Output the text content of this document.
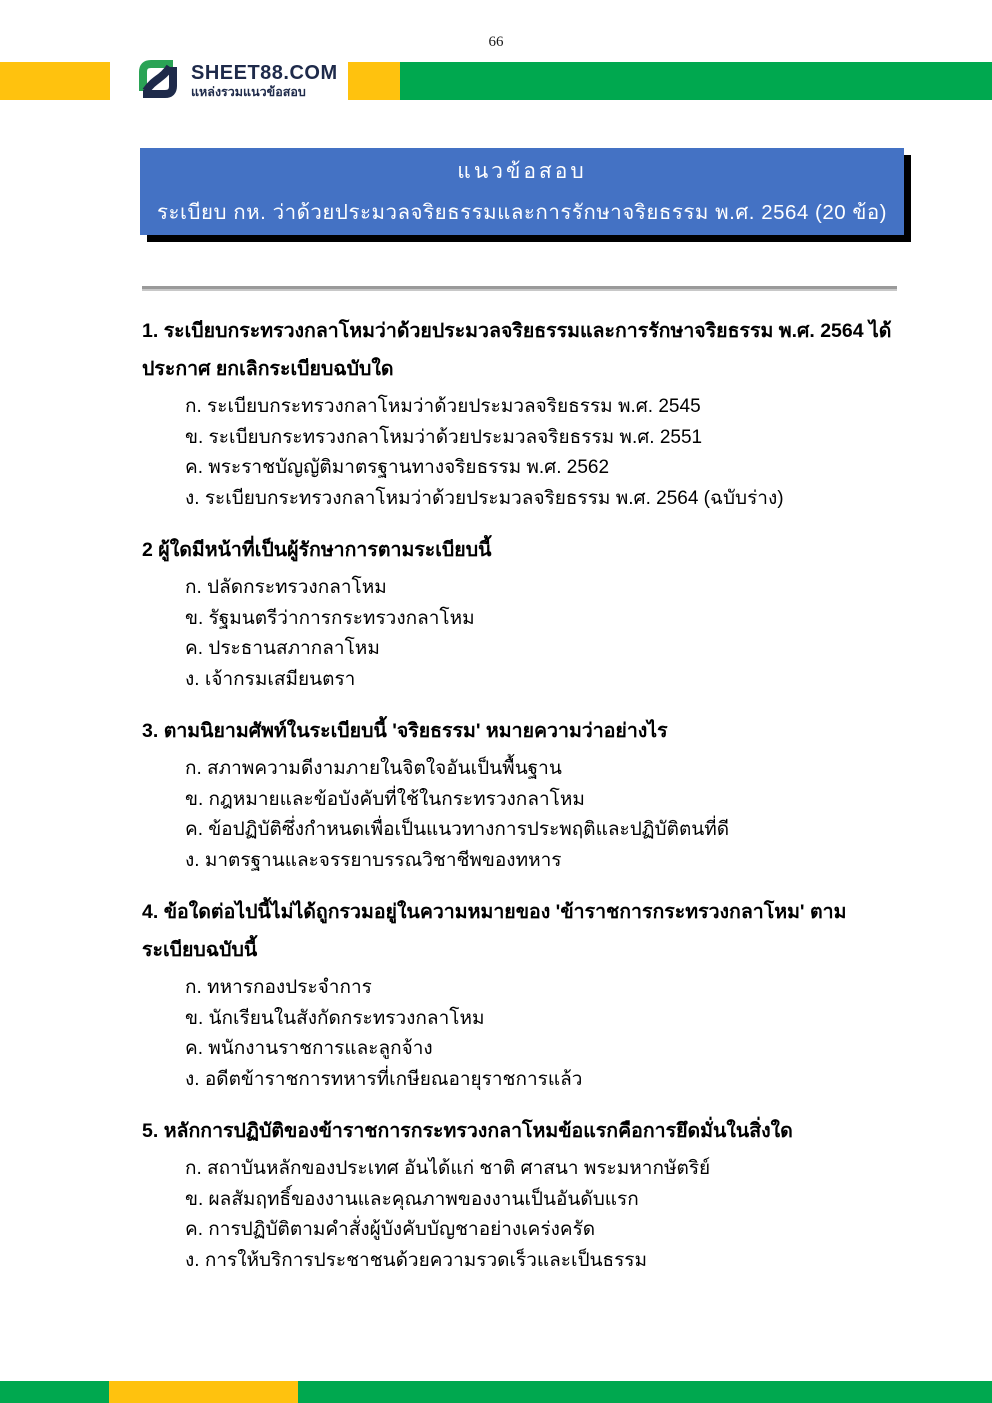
66
SHEET88.COM
แหล่งรวมแนวข้อสอบ
แนวข้อสอบ
ระเบียบ กห. ว่าด้วยประมวลจริยธรรมและการรักษาจริยธรรม พ.ศ. 2564 (20 ข้อ)
1. ระเบียบกระทรวงกลาโหมว่าด้วยประมวลจริยธรรมและการรักษาจริยธรรม พ.ศ. 2564 ได้ประกาศ ยกเลิกระเบียบฉบับใด
ก. ระเบียบกระทรวงกลาโหมว่าด้วยประมวลจริยธรรม พ.ศ. 2545
ข. ระเบียบกระทรวงกลาโหมว่าด้วยประมวลจริยธรรม พ.ศ. 2551
ค. พระราชบัญญัติมาตรฐานทางจริยธรรม พ.ศ. 2562
ง. ระเบียบกระทรวงกลาโหมว่าด้วยประมวลจริยธรรม พ.ศ. 2564 (ฉบับร่าง)
2 ผู้ใดมีหน้าที่เป็นผู้รักษาการตามระเบียบนี้
ก. ปลัดกระทรวงกลาโหม
ข. รัฐมนตรีว่าการกระทรวงกลาโหม
ค. ประธานสภากลาโหม
ง. เจ้ากรมเสมียนตรา
3. ตามนิยามศัพท์ในระเบียบนี้ 'จริยธรรม' หมายความว่าอย่างไร
ก. สภาพความดีงามภายในจิตใจอันเป็นพื้นฐาน
ข. กฎหมายและข้อบังคับที่ใช้ในกระทรวงกลาโหม
ค. ข้อปฏิบัติซึ่งกำหนดเพื่อเป็นแนวทางการประพฤติและปฏิบัติตนที่ดี
ง. มาตรฐานและจรรยาบรรณวิชาชีพของทหาร
4. ข้อใดต่อไปนี้ไม่ได้ถูกรวมอยู่ในความหมายของ 'ข้าราชการกระทรวงกลาโหม' ตามระเบียบฉบับนี้
ก. ทหารกองประจำการ
ข. นักเรียนในสังกัดกระทรวงกลาโหม
ค. พนักงานราชการและลูกจ้าง
ง. อดีตข้าราชการทหารที่เกษียณอายุราชการแล้ว
5. หลักการปฏิบัติของข้าราชการกระทรวงกลาโหมข้อแรกคือการยึดมั่นในสิ่งใด
ก. สถาบันหลักของประเทศ อันได้แก่ ชาติ ศาสนา พระมหากษัตริย์
ข. ผลสัมฤทธิ์ของงานและคุณภาพของงานเป็นอันดับแรก
ค. การปฏิบัติตามคำสั่งผู้บังคับบัญชาอย่างเคร่งครัด
ง. การให้บริการประชาชนด้วยความรวดเร็วและเป็นธรรม
